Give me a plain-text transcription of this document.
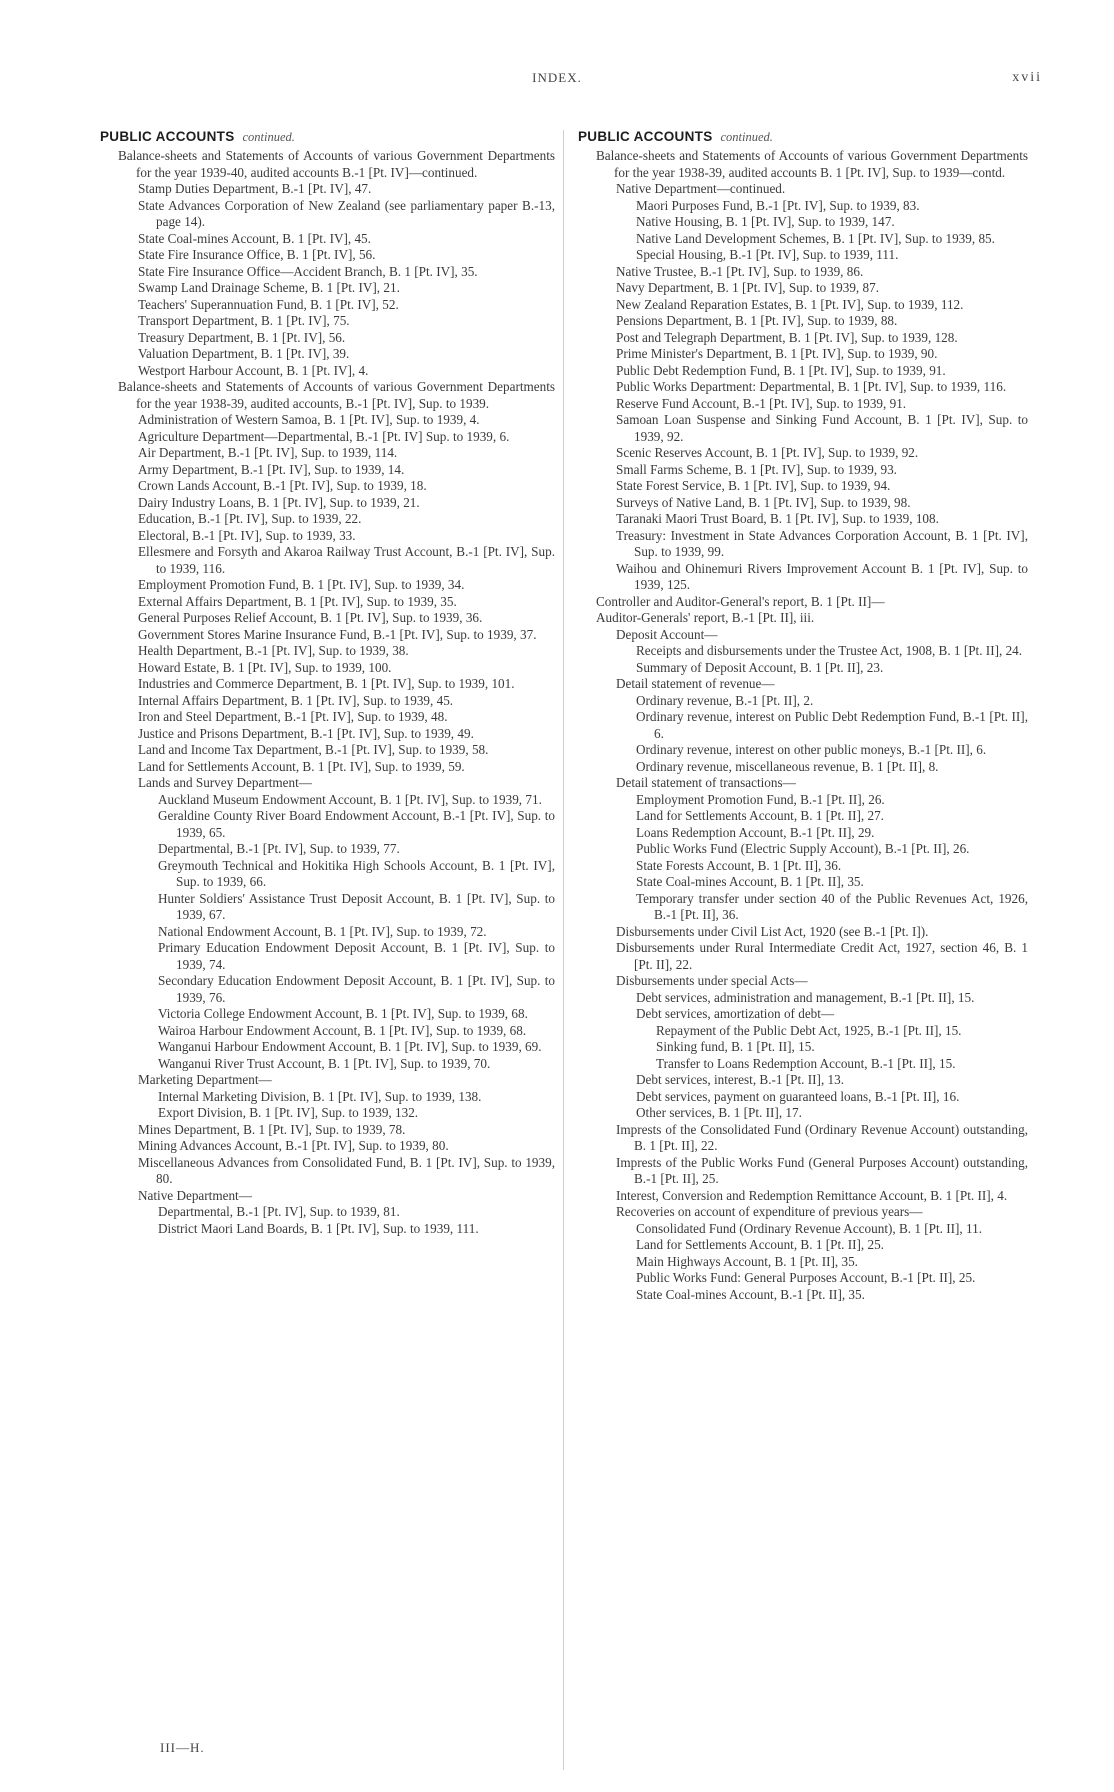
INDEX.	xvii
PUBLIC ACCOUNTS continued.

Balance-sheets and Statements of Accounts of various Government Departments for the year 1939-40, audited accounts B.-1 [Pt. IV]—continued.

Stamp Duties Department, B.-1 [Pt. IV], 47.

State Advances Corporation of New Zealand (see parliamentary paper B.-13, page 14).

State Coal-mines Account, B. 1 [Pt. IV], 45.

State Fire Insurance Office, B. 1 [Pt. IV], 56.

State Fire Insurance Office—Accident Branch, B. 1 [Pt. IV], 35.

Swamp Land Drainage Scheme, B. 1 [Pt. IV], 21.

Teachers' Superannuation Fund, B. 1 [Pt. IV], 52.

Transport Department, B. 1 [Pt. IV], 75.

Treasury Department, B. 1 [Pt. IV], 56.

Valuation Department, B. 1 [Pt. IV], 39.

Westport Harbour Account, B. 1 [Pt. IV], 4.

Balance-sheets and Statements of Accounts of various Government Departments for the year 1938-39, audited accounts, B.-1 [Pt. IV], Sup. to 1939.

Administration of Western Samoa, B. 1 [Pt. IV], Sup. to 1939, 4.

Agriculture Department—Departmental, B.-1 [Pt. IV] Sup. to 1939, 6.

Air Department, B.-1 [Pt. IV], Sup. to 1939, 114.

Army Department, B.-1 [Pt. IV], Sup. to 1939, 14.

Crown Lands Account, B.-1 [Pt. IV], Sup. to 1939, 18.

Dairy Industry Loans, B. 1 [Pt. IV], Sup. to 1939, 21.

Education, B.-1 [Pt. IV], Sup. to 1939, 22.

Electoral, B.-1 [Pt. IV], Sup. to 1939, 33.

Ellesmere and Forsyth and Akaroa Railway Trust Account, B.-1 [Pt. IV], Sup. to 1939, 116.

Employment Promotion Fund, B. 1 [Pt. IV], Sup. to 1939, 34.

External Affairs Department, B. 1 [Pt. IV], Sup. to 1939, 35.

General Purposes Relief Account, B. 1 [Pt. IV], Sup. to 1939, 36.

Government Stores Marine Insurance Fund, B.-1 [Pt. IV], Sup. to 1939, 37.

Health Department, B.-1 [Pt. IV], Sup. to 1939, 38.

Howard Estate, B. 1 [Pt. IV], Sup. to 1939, 100.

Industries and Commerce Department, B. 1 [Pt. IV], Sup. to 1939, 101.

Internal Affairs Department, B. 1 [Pt. IV], Sup. to 1939, 45.

Iron and Steel Department, B.-1 [Pt. IV], Sup. to 1939, 48.

Justice and Prisons Department, B.-1 [Pt. IV], Sup. to 1939, 49.

Land and Income Tax Department, B.-1 [Pt. IV], Sup. to 1939, 58.

Land for Settlements Account, B. 1 [Pt. IV], Sup. to 1939, 59.

Lands and Survey Department—

Auckland Museum Endowment Account, B. 1 [Pt. IV], Sup. to 1939, 71.

Geraldine County River Board Endowment Account, B.-1 [Pt. IV], Sup. to 1939, 65.

Departmental, B.-1 [Pt. IV], Sup. to 1939, 77.

Greymouth Technical and Hokitika High Schools Account, B. 1 [Pt. IV], Sup. to 1939, 66.

Hunter Soldiers' Assistance Trust Deposit Account, B. 1 [Pt. IV], Sup. to 1939, 67.

National Endowment Account, B. 1 [Pt. IV], Sup. to 1939, 72.

Primary Education Endowment Deposit Account, B. 1 [Pt. IV], Sup. to 1939, 74.

Secondary Education Endowment Deposit Account, B. 1 [Pt. IV], Sup. to 1939, 76.

Victoria College Endowment Account, B. 1 [Pt. IV], Sup. to 1939, 68.

Wairoa Harbour Endowment Account, B. 1 [Pt. IV], Sup. to 1939, 68.

Wanganui Harbour Endowment Account, B. 1 [Pt. IV], Sup. to 1939, 69.

Wanganui River Trust Account, B. 1 [Pt. IV], Sup. to 1939, 70.

Marketing Department—

Internal Marketing Division, B. 1 [Pt. IV], Sup. to 1939, 138.

Export Division, B. 1 [Pt. IV], Sup. to 1939, 132.

Mines Department, B. 1 [Pt. IV], Sup. to 1939, 78.

Mining Advances Account, B.-1 [Pt. IV], Sup. to 1939, 80.

Miscellaneous Advances from Consolidated Fund, B. 1 [Pt. IV], Sup. to 1939, 80.

Native Department—

Departmental, B.-1 [Pt. IV], Sup. to 1939, 81.

District Maori Land Boards, B. 1 [Pt. IV], Sup. to 1939, 111.

PUBLIC ACCOUNTS continued.

Balance-sheets and Statements of Accounts of various Government Departments for the year 1938-39, audited accounts B. 1 [Pt. IV], Sup. to 1939—contd.

Native Department—continued.

Maori Purposes Fund, B.-1 [Pt. IV], Sup. to 1939, 83.

Native Housing, B. 1 [Pt. IV], Sup. to 1939, 147.

Native Land Development Schemes, B. 1 [Pt. IV], Sup. to 1939, 85.

Special Housing, B.-1 [Pt. IV], Sup. to 1939, 111.

Native Trustee, B.-1 [Pt. IV], Sup. to 1939, 86.

Navy Department, B. 1 [Pt. IV], Sup. to 1939, 87.

New Zealand Reparation Estates, B. 1 [Pt. IV], Sup. to 1939, 112.

Pensions Department, B. 1 [Pt. IV], Sup. to 1939, 88.

Post and Telegraph Department, B. 1 [Pt. IV], Sup. to 1939, 128.

Prime Minister's Department, B. 1 [Pt. IV], Sup. to 1939, 90.

Public Debt Redemption Fund, B. 1 [Pt. IV], Sup. to 1939, 91.

Public Works Department: Departmental, B. 1 [Pt. IV], Sup. to 1939, 116.

Reserve Fund Account, B.-1 [Pt. IV], Sup. to 1939, 91.

Samoan Loan Suspense and Sinking Fund Account, B. 1 [Pt. IV], Sup. to 1939, 92.

Scenic Reserves Account, B. 1 [Pt. IV], Sup. to 1939, 92.

Small Farms Scheme, B. 1 [Pt. IV], Sup. to 1939, 93.

State Forest Service, B. 1 [Pt. IV], Sup. to 1939, 94.

Surveys of Native Land, B. 1 [Pt. IV], Sup. to 1939, 98.

Taranaki Maori Trust Board, B. 1 [Pt. IV], Sup. to 1939, 108.

Treasury: Investment in State Advances Corporation Account, B. 1 [Pt. IV], Sup. to 1939, 99.

Waihou and Ohinemuri Rivers Improvement Account B. 1 [Pt. IV], Sup. to 1939, 125.

Controller and Auditor-General's report, B. 1 [Pt. II]—

Auditor-Generals' report, B.-1 [Pt. II], iii.

Deposit Account—

Receipts and disbursements under the Trustee Act, 1908, B. 1 [Pt. II], 24.

Summary of Deposit Account, B. 1 [Pt. II], 23.

Detail statement of revenue—

Ordinary revenue, B.-1 [Pt. II], 2.

Ordinary revenue, interest on Public Debt Redemption Fund, B.-1 [Pt. II], 6.

Ordinary revenue, interest on other public moneys, B.-1 [Pt. II], 6.

Ordinary revenue, miscellaneous revenue, B. 1 [Pt. II], 8.

Detail statement of transactions—

Employment Promotion Fund, B.-1 [Pt. II], 26.

Land for Settlements Account, B. 1 [Pt. II], 27.

Loans Redemption Account, B.-1 [Pt. II], 29.

Public Works Fund (Electric Supply Account), B.-1 [Pt. II], 26.

State Forests Account, B. 1 [Pt. II], 36.

State Coal-mines Account, B. 1 [Pt. II], 35.

Temporary transfer under section 40 of the Public Revenues Act, 1926, B.-1 [Pt. II], 36.

Disbursements under Civil List Act, 1920 (see B.-1 [Pt. I]).

Disbursements under Rural Intermediate Credit Act, 1927, section 46, B. 1 [Pt. II], 22.

Disbursements under special Acts—

Debt services, administration and management, B.-1 [Pt. II], 15.

Debt services, amortization of debt—

Repayment of the Public Debt Act, 1925, B.-1 [Pt. II], 15.

Sinking fund, B. 1 [Pt. II], 15.

Transfer to Loans Redemption Account, B.-1 [Pt. II], 15.

Debt services, interest, B.-1 [Pt. II], 13.

Debt services, payment on guaranteed loans, B.-1 [Pt. II], 16.

Other services, B. 1 [Pt. II], 17.

Imprests of the Consolidated Fund (Ordinary Revenue Account) outstanding, B. 1 [Pt. II], 22.

Imprests of the Public Works Fund (General Purposes Account) outstanding, B.-1 [Pt. II], 25.

Interest, Conversion and Redemption Remittance Account, B. 1 [Pt. II], 4.

Recoveries on account of expenditure of previous years—

Consolidated Fund (Ordinary Revenue Account), B. 1 [Pt. II], 11.

Land for Settlements Account, B. 1 [Pt. II], 25.

Main Highways Account, B. 1 [Pt. II], 35.

Public Works Fund: General Purposes Account, B.-1 [Pt. II], 25.

State Coal-mines Account, B.-1 [Pt. II], 35.

III—H.
